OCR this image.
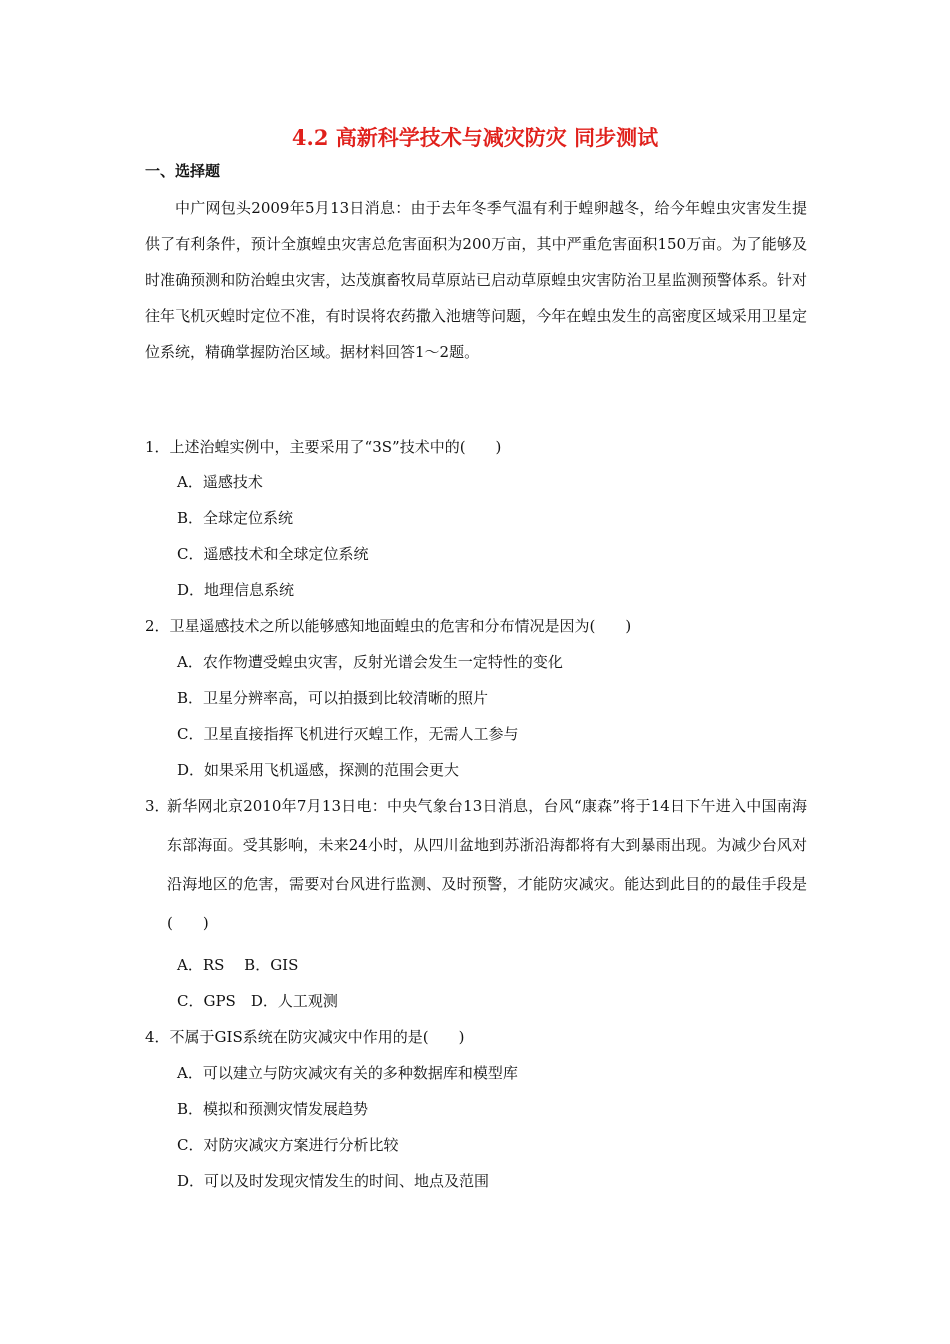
4.2 高新科学技术与减灾防灾 同步测试
一、选择题

中广网包头2009年5月13日消息：由于去年冬季气温有利于蝗卵越冬，给今年蝗虫灾害发生提供了有利条件，预计全旗蝗虫灾害总危害面积为200万亩，其中严重危害面积150万亩。为了能够及时准确预测和防治蝗虫灾害，达茂旗畜牧局草原站已启动草原蝗虫灾害防治卫星监测预警体系。针对往年飞机灭蝗时定位不准，有时误将农药撒入池塘等问题，今年在蝗虫发生的高密度区域采用卫星定位系统，精确掌握防治区域。据材料回答1～2题。

1．上述治蝗实例中，主要采用了“3S”技术中的(　　)
A．遥感技术
B．全球定位系统
C．遥感技术和全球定位系统
D．地理信息系统
2．卫星遥感技术之所以能够感知地面蝗虫的危害和分布情况是因为(　　)
A．农作物遭受蝗虫灾害，反射光谱会发生一定特性的变化
B．卫星分辨率高，可以拍摄到比较清晰的照片
C．卫星直接指挥飞机进行灭蝗工作，无需人工参与
D．如果采用飞机遥感，探测的范围会更大
3．
新华网北京2010年7月13日电：中央气象台13日消息，台风“康森”将于14日下午进入中国南海东部海面。受其影响，未来24小时，从四川盆地到苏浙沿海都将有大到暴雨出现。为减少台风对沿海地区的危害，需要对台风进行监测、及时预警，才能防灾减灾。能达到此目的的最佳手段是(　　)
A．RS　 B．GIS
C．GPS　D．人工观测
4．不属于GIS系统在防灾减灾中作用的是(　　)
A．可以建立与防灾减灾有关的多种数据库和模型库
B．模拟和预测灾情发展趋势
C．对防灾减灾方案进行分析比较
D．可以及时发现灾情发生的时间、地点及范围
